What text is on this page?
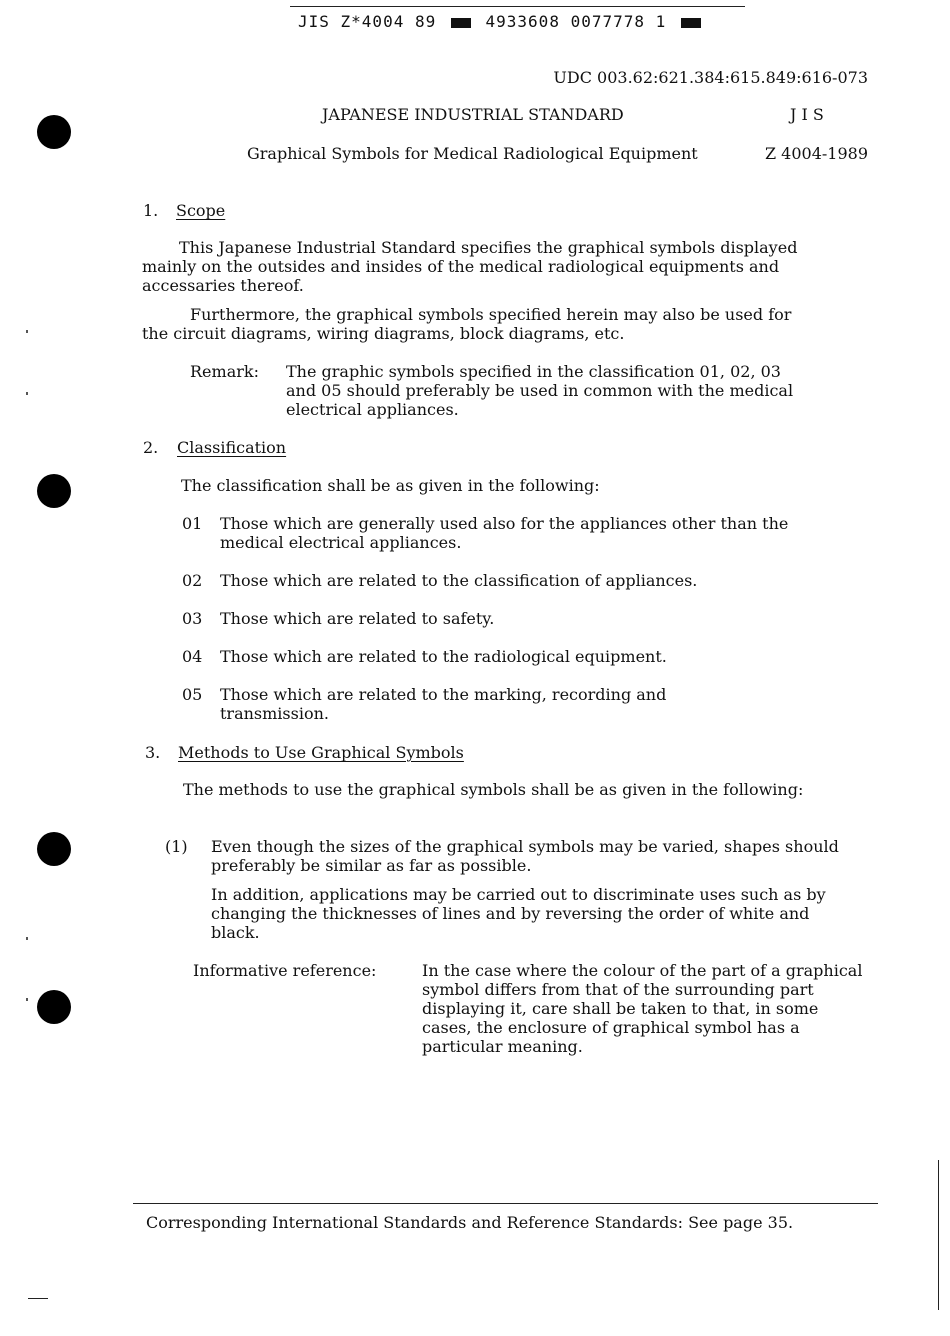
JIS Z*4004 89	4933608 0077778 1
UDC 003.62:621.384:615.849:616-073
JAPANESE INDUSTRIAL STANDARD	J I S
Graphical Symbols for Medical Radiological Equipment	Z 4004-1989
1. Scope
This Japanese Industrial Standard specifies the graphical symbols displayed mainly on the outsides and insides of the medical radiological equipments and accessaries thereof.
Furthermore, the graphical symbols specified herein may also be used for the circuit diagrams, wiring diagrams, block diagrams, etc.
Remark: The graphic symbols specified in the classification 01, 02, 03 and 05 should preferably be used in common with the medical electrical appliances.
2. Classification
The classification shall be as given in the following:
01 Those which are generally used also for the appliances other than the medical electrical appliances.
02 Those which are related to the classification of appliances.
03 Those which are related to safety.
04 Those which are related to the radiological equipment.
05 Those which are related to the marking, recording and transmission.
3. Methods to Use Graphical Symbols
The methods to use the graphical symbols shall be as given in the following:
(1) Even though the sizes of the graphical symbols may be varied, shapes should preferably be similar as far as possible.
In addition, applications may be carried out to discriminate uses such as by changing the thicknesses of lines and by reversing the order of white and black.
Informative reference:	In the case where the colour of the part of a graphical symbol differs from that of the surrounding part displaying it, care shall be taken to that, in some cases, the enclosure of graphical symbol has a particular meaning.
Corresponding International Standards and Reference Standards: See page 35.
